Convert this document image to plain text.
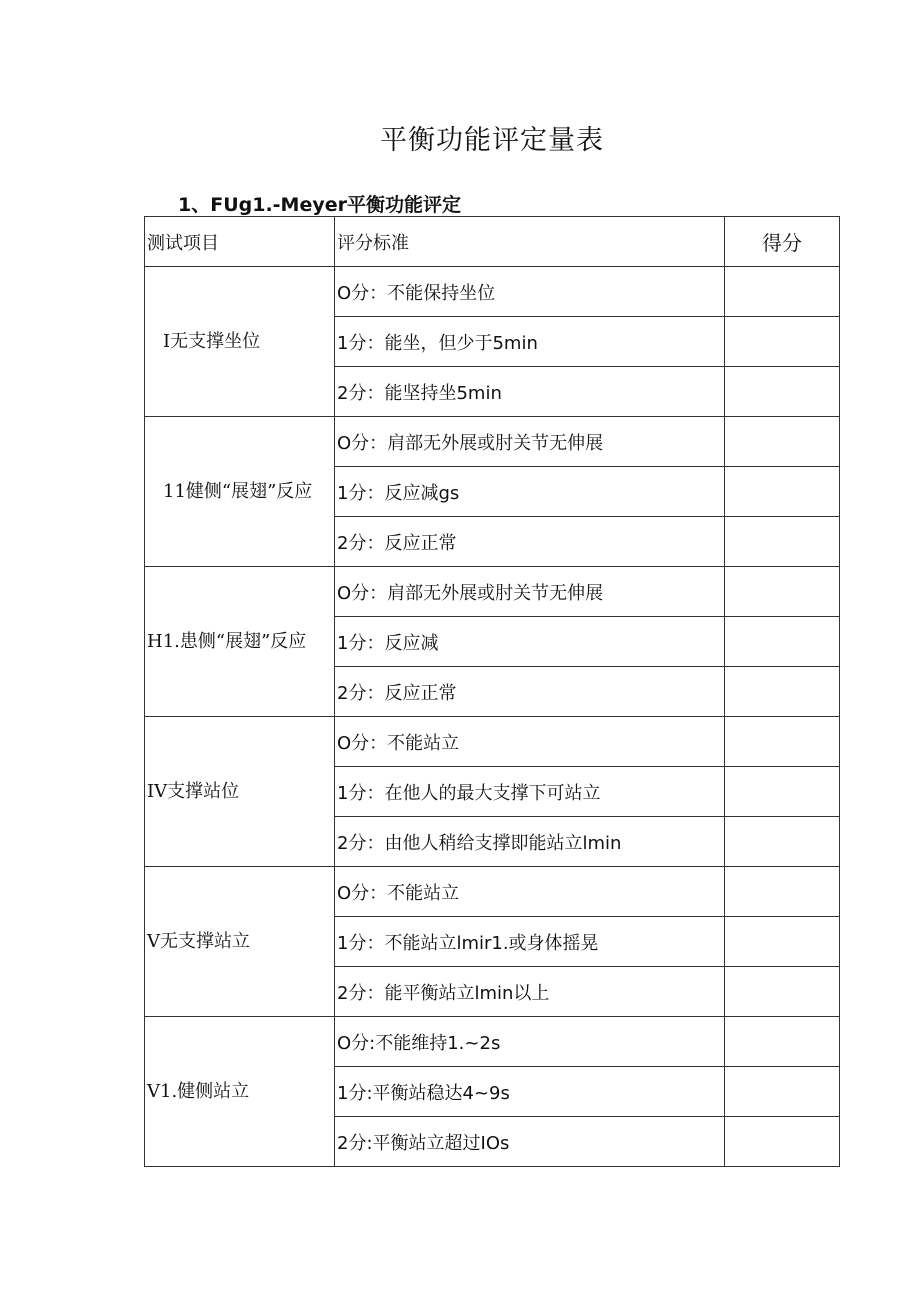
平衡功能评定量表
1、FUg1.-Meyer平衡功能评定
测试项目	评分标准	得分
I无支撑坐位	O分：不能保持坐位	
	1分：能坐，但少于5min	
	2分：能坚持坐5min	
11健侧“展翅”反应	O分：肩部无外展或肘关节无伸展	
	1分：反应减gs	
	2分：反应正常	
H1.患侧“展翅”反应	O分：肩部无外展或肘关节无伸展	
	1分：反应减	
	2分：反应正常	
IV支撑站位	O分：不能站立	
	1分：在他人的最大支撑下可站立	
	2分：由他人稍给支撑即能站立lmin	
V无支撑站立	O分：不能站立	
	1分：不能站立lmir1.或身体摇晃	
	2分：能平衡站立lmin以上	
V1.健侧站立	O分:不能维持1.~2s	
	1分:平衡站稳达4~9s	
	2分:平衡站立超过IOs	
